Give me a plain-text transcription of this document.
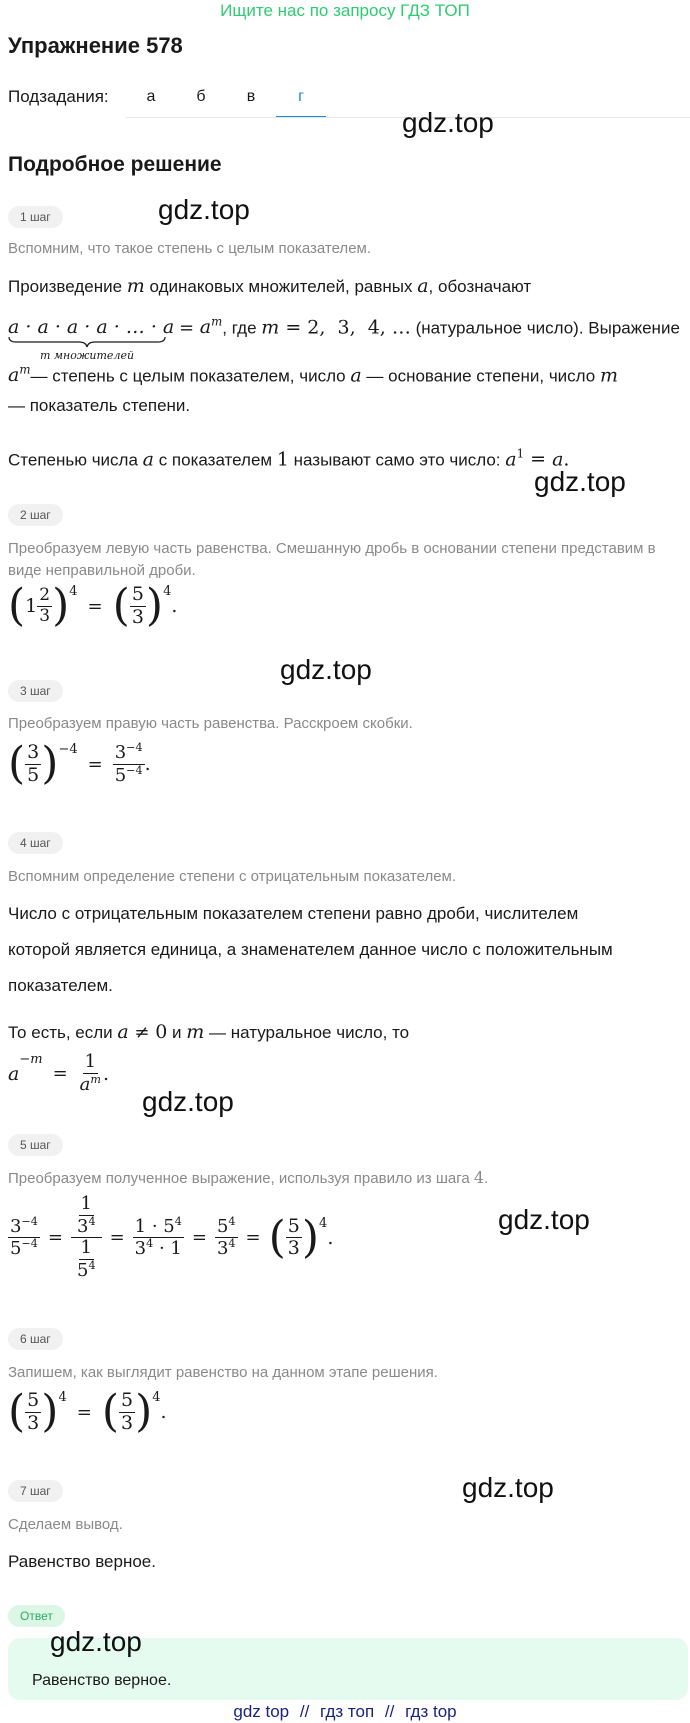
Ищите нас по запросу ГДЗ ТОП
Упражнение 578
Подзадания:	а	б	в	г
gdz.top
Подробное решение
1 шаг	gdz.top
Вспомним, что такое степень с целым показателем.
Произведение m одинаковых множителей, равных a, обозначают
a · a · a · a · … · a
m множителей
= $a^m$, где m = 2,  3,  4, … (натуральное число). Выражение
$a^m—$ степень с целым показателем, число a — основание степени, число m
— показатель степени.
Степенью числа a с показателем 1 называют само это число: $a^1 = a$.
gdz.top
2 шаг
Преобразуем левую часть равенства. Смешанную дробь в основании степени представим в виде неправильной дроби.
( $1 \frac{2}{3}$ ) 4
= ( $\frac{5}{3}$ ) 4
.
gdz.top
3 шаг
Преобразуем правую часть равенства. Расскроем скобки.
( $\frac{3}{5}$ ) −4
= $\frac{3^{-4}}{5^{-4}}$ .
4 шаг
Вспомним определение степени с отрицательным показателем.
Число с отрицательным показателем степени равно дроби, числителем
которой является единица, а знаменателем данное число с положительным
показателем.
То есть, если a ≠ 0 и m — натуральное число, то
a
−m
= $\frac{1}{a^m}$ .
gdz.top
5 шаг
Преобразуем полученное выражение, используя правило из шага 4.
$\frac{3^{-4}}{5^{-4}} = \frac{\frac{1}{3^4}}{\frac{1}{5^4}} = \frac{1 \cdot 5^4}{3^4 \cdot 1} = \frac{5^4}{3^4}$ = ( $\frac{5}{3}$ ) 4
.
gdz.top
6 шаг
Запишем, как выглядит равенство на данном этапе решения.
( $\frac{5}{3}$ ) 4
= ( $\frac{5}{3}$ ) 4
.
7 шаг	gdz.top
Сделаем вывод.
Равенство верное.
Ответ
gdz.top
Равенство верное.
gdz top // гдз топ // гдз top
